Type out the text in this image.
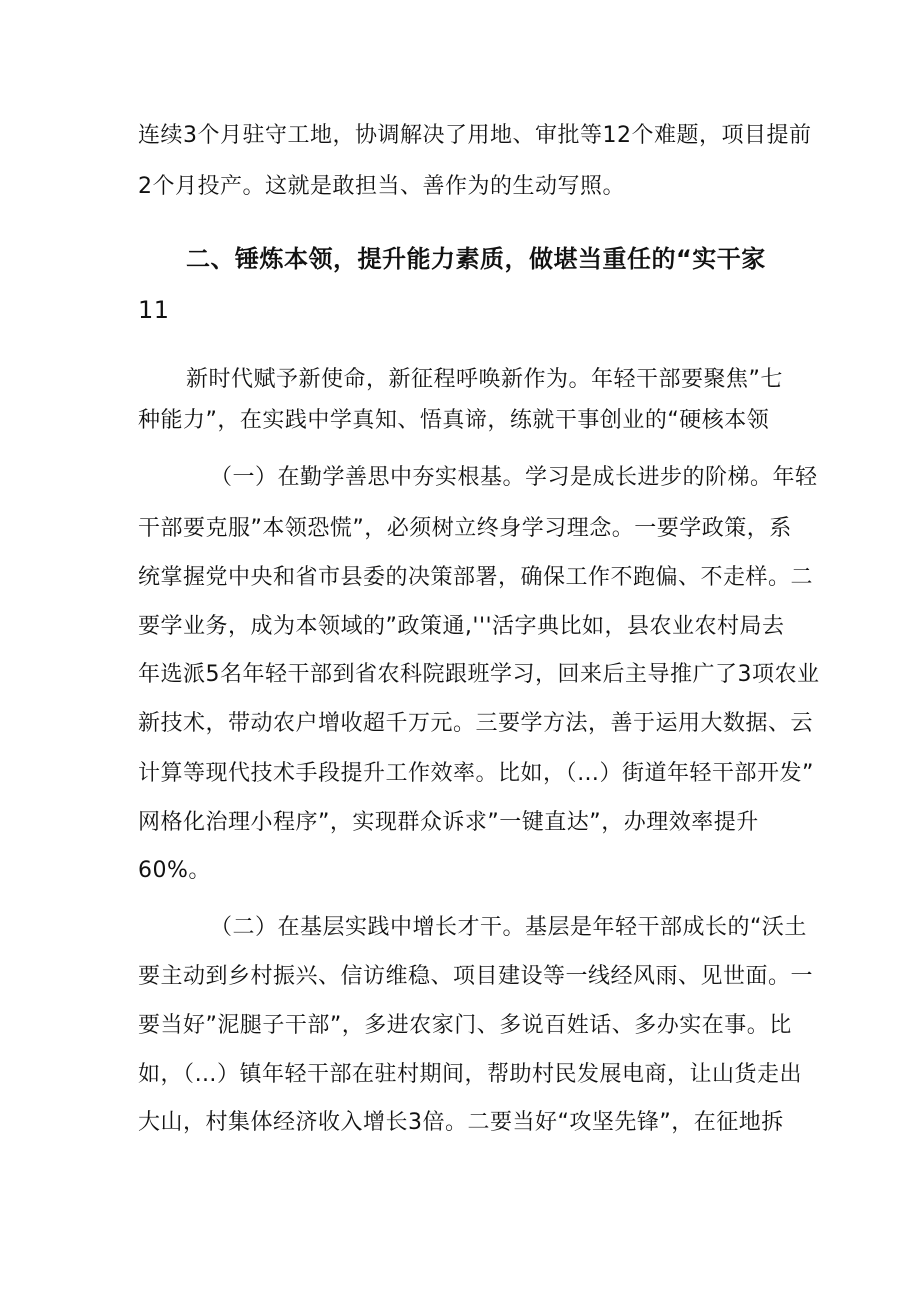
连续3个月驻守工地，协调解决了用地、审批等12个难题，项目提前
2个月投产。这就是敢担当、善作为的生动写照。
二、锤炼本领，提升能力素质，做堪当重任的“实干家
11
新时代赋予新使命，新征程呼唤新作为。年轻干部要聚焦”七
种能力”，在实践中学真知、悟真谛，练就干事创业的“硬核本领
（一）在勤学善思中夯实根基。学习是成长进步的阶梯。年轻
干部要克服”本领恐慌”，必须树立终身学习理念。一要学政策，系
统掌握党中央和省市县委的决策部署，确保工作不跑偏、不走样。二
要学业务，成为本领域的”政策通,'''活字典比如，县农业农村局去
年选派5名年轻干部到省农科院跟班学习，回来后主导推广了3项农业
新技术，带动农户增收超千万元。三要学方法，善于运用大数据、云
计算等现代技术手段提升工作效率。比如，（…）街道年轻干部开发”
网格化治理小程序”，实现群众诉求”一键直达”，办理效率提升
60%。
（二）在基层实践中增长才干。基层是年轻干部成长的“沃土
要主动到乡村振兴、信访维稳、项目建设等一线经风雨、见世面。一
要当好”泥腿子干部”，多进农家门、多说百姓话、多办实在事。比
如，（…）镇年轻干部在驻村期间，帮助村民发展电商，让山货走出
大山，村集体经济收入增长3倍。二要当好“攻坚先锋”，在征地拆
